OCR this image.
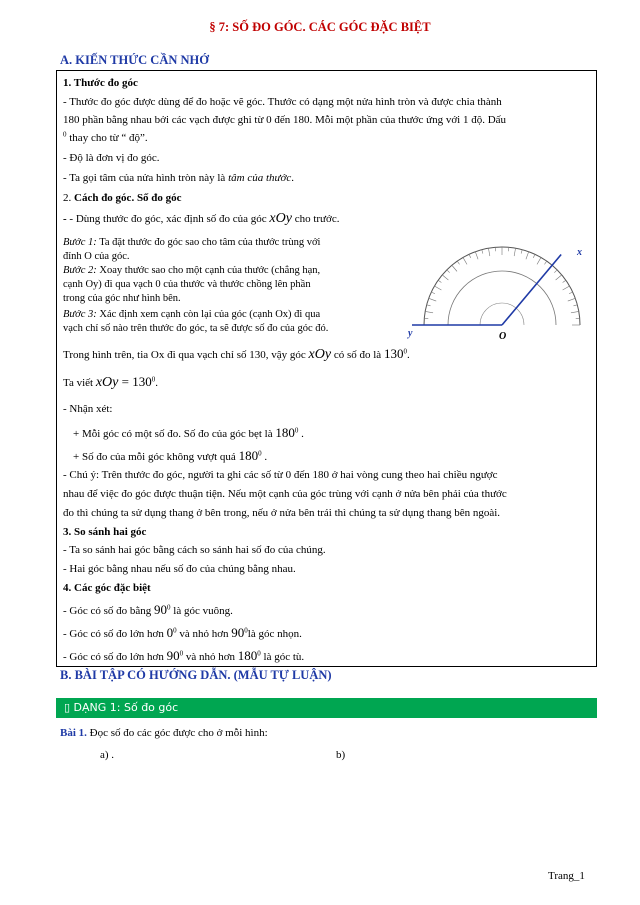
§ 7: SỐ ĐO GÓC. CÁC GÓC ĐẶC BIỆT
A. KIẾN THỨC CẦN NHỚ
1. Thước đo góc
- Thước đo góc được dùng để đo hoặc vẽ góc. Thước có dạng một nửa hình tròn và được chia thành
180 phần bằng nhau bởi các vạch được ghi từ 0 đến 180. Mỗi một phần của thước ứng với 1 độ. Dấu
$^0$ thay cho từ “ độ”.
- Độ là đơn vị đo góc.
- Ta gọi tâm của nửa hình tròn này là tâm của thước.
2. Cách đo góc. Số đo góc
- - Dùng thước đo góc, xác định số đo của góc xOy cho trước.
Bước 1: Ta đặt thước đo góc sao cho tâm của thước trùng với
đỉnh O của góc.
Bước 2: Xoay thước sao cho một cạnh của thước (chẳng hạn,
cạnh Oy) đi qua vạch 0 của thước và thước chồng lên phần
trong của góc như hình bên.
Bước 3: Xác định xem cạnh còn lại của góc (cạnh Ox) đi qua
vạch chỉ số nào trên thước đo góc, ta sẽ được số đo của góc đó.
x
y	O
Trong hình trên, tia Ox đi qua vạch chỉ số 130, vậy góc xOy có số đo là $130^0$.
Ta viết xOy = $130^0$.
- Nhận xét:
+ Mỗi góc có một số đo. Số đo của góc bẹt là $180^0$ .
+ Số đo của mỗi góc không vượt quá $180^0$ .
- Chú ý: Trên thước đo góc, người ta ghi các số từ 0 đến 180 ở hai vòng cung theo hai chiều ngược
nhau để việc đo góc được thuận tiện. Nếu một cạnh của góc trùng với cạnh ở nửa bên phải của thước
đo thì chúng ta sử dụng thang ở bên trong, nếu ở nửa bên trái thì chúng ta sử dụng thang bên ngoài.
3. So sánh hai góc
- Ta so sánh hai góc bằng cách so sánh hai số đo của chúng.
- Hai góc bằng nhau nếu số đo của chúng bằng nhau.
4. Các góc đặc biệt
- Góc có số đo bằng $90^0$ là góc vuông.
- Góc có số đo lớn hơn $0^0$ và nhỏ hơn $90^0là$ góc nhọn.
- Góc có số đo lớn hơn $90^0$ và nhỏ hơn $180^0$ là góc tù.
B. BÀI TẬP CÓ HƯỚNG DẪN. (MẪU TỰ LUẬN)
▯ DẠNG 1: Số đo góc
Bài 1. Đọc số đo các góc được cho ở mỗi hình:
a) .	b)
Trang_1
